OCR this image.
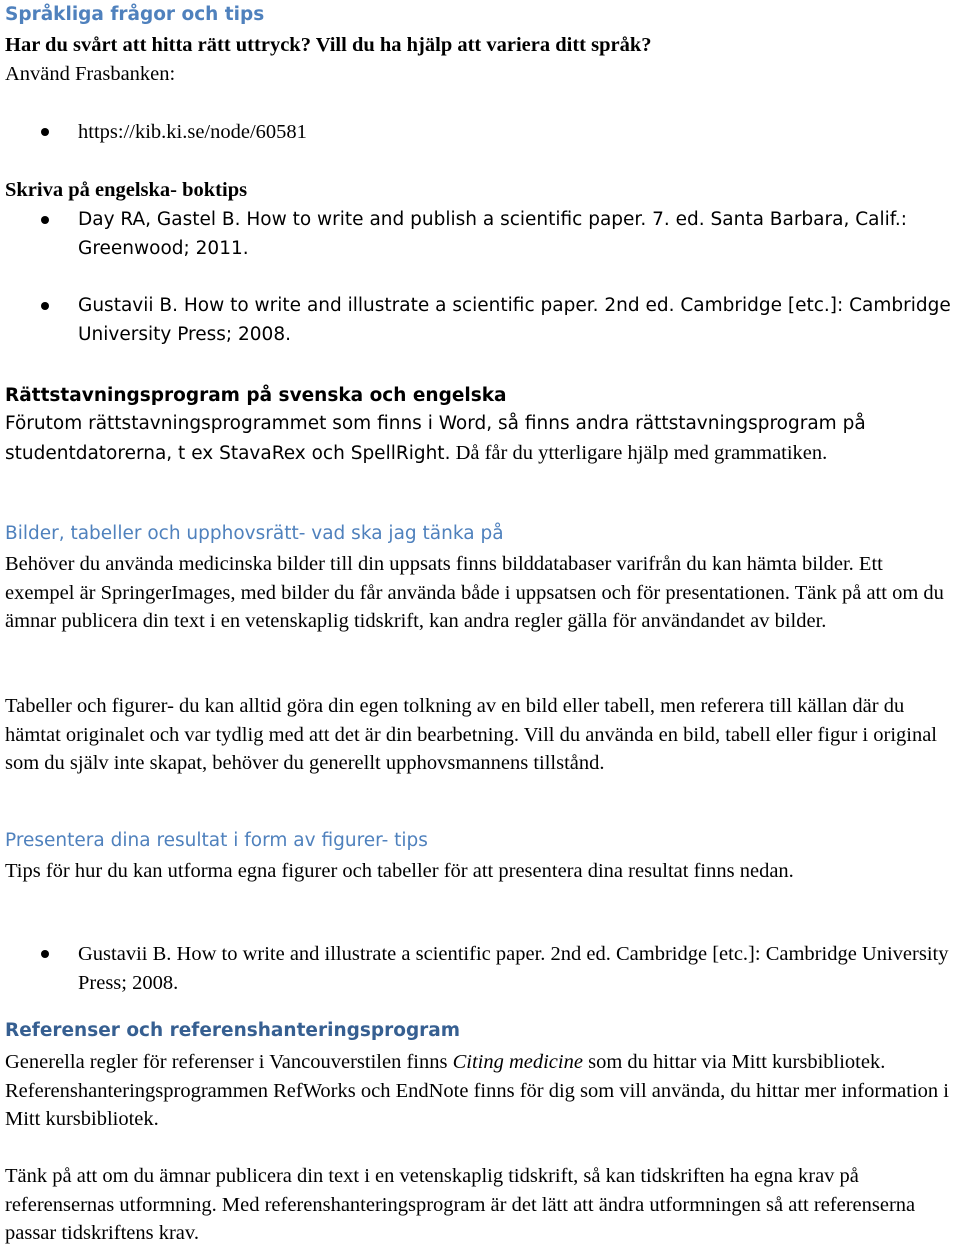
Språkliga frågor och tips

Har du svårt att hitta rätt uttryck? Vill du ha hjälp att variera ditt språk?

Använd Frasbanken:

https://kib.ki.se/node/60581

Skriva på engelska- boktips

Day RA, Gastel B. How to write and publish a scientific paper. 7. ed. Santa Barbara, Calif.: Greenwood; 2011.
Gustavii B. How to write and illustrate a scientific paper. 2nd ed. Cambridge [etc.]: Cambridge University Press; 2008.

Rättstavningsprogram på svenska och engelska

Förutom rättstavningsprogrammet som finns i Word, så finns andra rättstavningsprogram på studentdatorerna, t ex StavaRex och SpellRight. Då får du ytterligare hjälp med grammatiken.

Bilder, tabeller och upphovsrätt- vad ska jag tänka på

Behöver du använda medicinska bilder till din uppsats finns bilddatabaser varifrån du kan hämta bilder. Ett exempel är SpringerImages, med bilder du får använda både i uppsatsen och för presentationen. Tänk på att om du ämnar publicera din text i en vetenskaplig tidskrift, kan andra regler gälla för användandet av bilder.

Tabeller och figurer- du kan alltid göra din egen tolkning av en bild eller tabell, men referera till källan där du hämtat originalet och var tydlig med att det är din bearbetning. Vill du använda en bild, tabell eller figur i original som du själv inte skapat, behöver du generellt upphovsmannens tillstånd.

Presentera dina resultat i form av figurer- tips

Tips för hur du kan utforma egna figurer och tabeller för att presentera dina resultat finns nedan.

Gustavii B. How to write and illustrate a scientific paper. 2nd ed. Cambridge [etc.]: Cambridge University Press; 2008.
Referenser och referenshanteringsprogram

Generella regler för referenser i Vancouverstilen finns Citing medicine som du hittar via Mitt kursbibliotek. Referenshanteringsprogrammen RefWorks och EndNote finns för dig som vill använda, du hittar mer information i Mitt kursbibliotek.

Tänk på att om du ämnar publicera din text i en vetenskaplig tidskrift, så kan tidskriften ha egna krav på referensernas utformning. Med referenshanteringsprogram är det lätt att ändra utformningen så att referenserna passar tidskriftens krav.
